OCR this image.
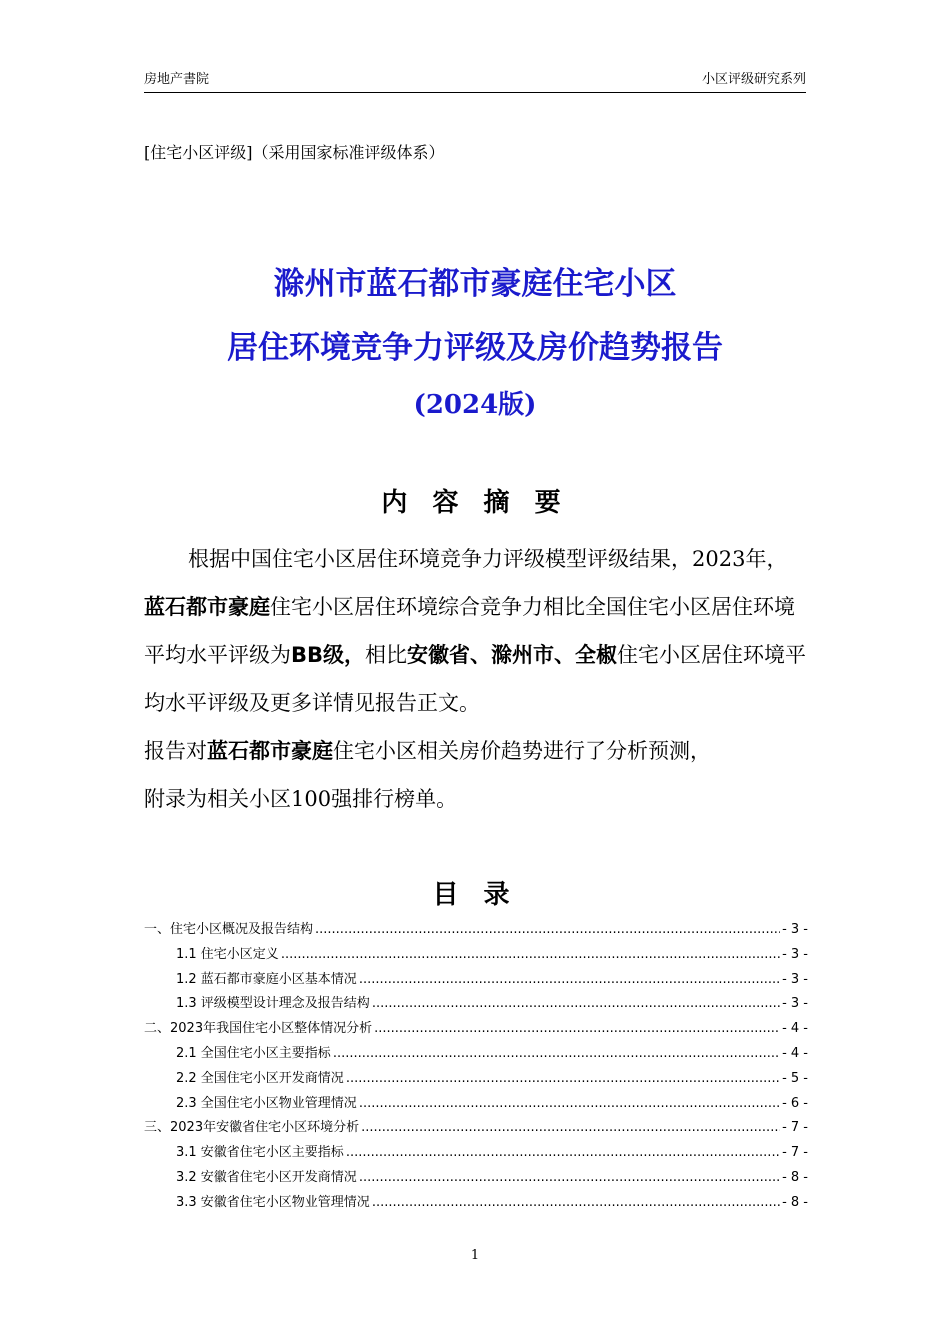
房地产書院	小区评级研究系列
[住宅小区评级]（采用国家标准评级体系）
滁州市蓝石都市豪庭住宅小区
居住环境竞争力评级及房价趋势报告
(2024版)
内 容 摘 要

根据中国住宅小区居住环境竞争力评级模型评级结果，2023年，蓝石都市豪庭住宅小区居住环境综合竞争力相比全国住宅小区居住环境平均水平评级为BB级，相比安徽省、滁州市、全椒住宅小区居住环境平均水平评级及更多详情见报告正文。

报告对蓝石都市豪庭住宅小区相关房价趋势进行了分析预测，

附录为相关小区100强排行榜单。

目 录
一、住宅小区概况及报告结构 .....	- 3 -
1.1 住宅小区定义 .....	- 3 -
1.2 蓝石都市豪庭小区基本情况 .....	- 3 -
1.3 评级模型设计理念及报告结构 .....	- 3 -
二、2023年我国住宅小区整体情况分析 .....	- 4 -
2.1 全国住宅小区主要指标 .....	- 4 -
2.2 全国住宅小区开发商情况 .....	- 5 -
2.3 全国住宅小区物业管理情况 .....	- 6 -
三、2023年安徽省住宅小区环境分析 .....	- 7 -
3.1 安徽省住宅小区主要指标 .....	- 7 -
3.2 安徽省住宅小区开发商情况 .....	- 8 -
3.3 安徽省住宅小区物业管理情况 .....	- 8 -
1
